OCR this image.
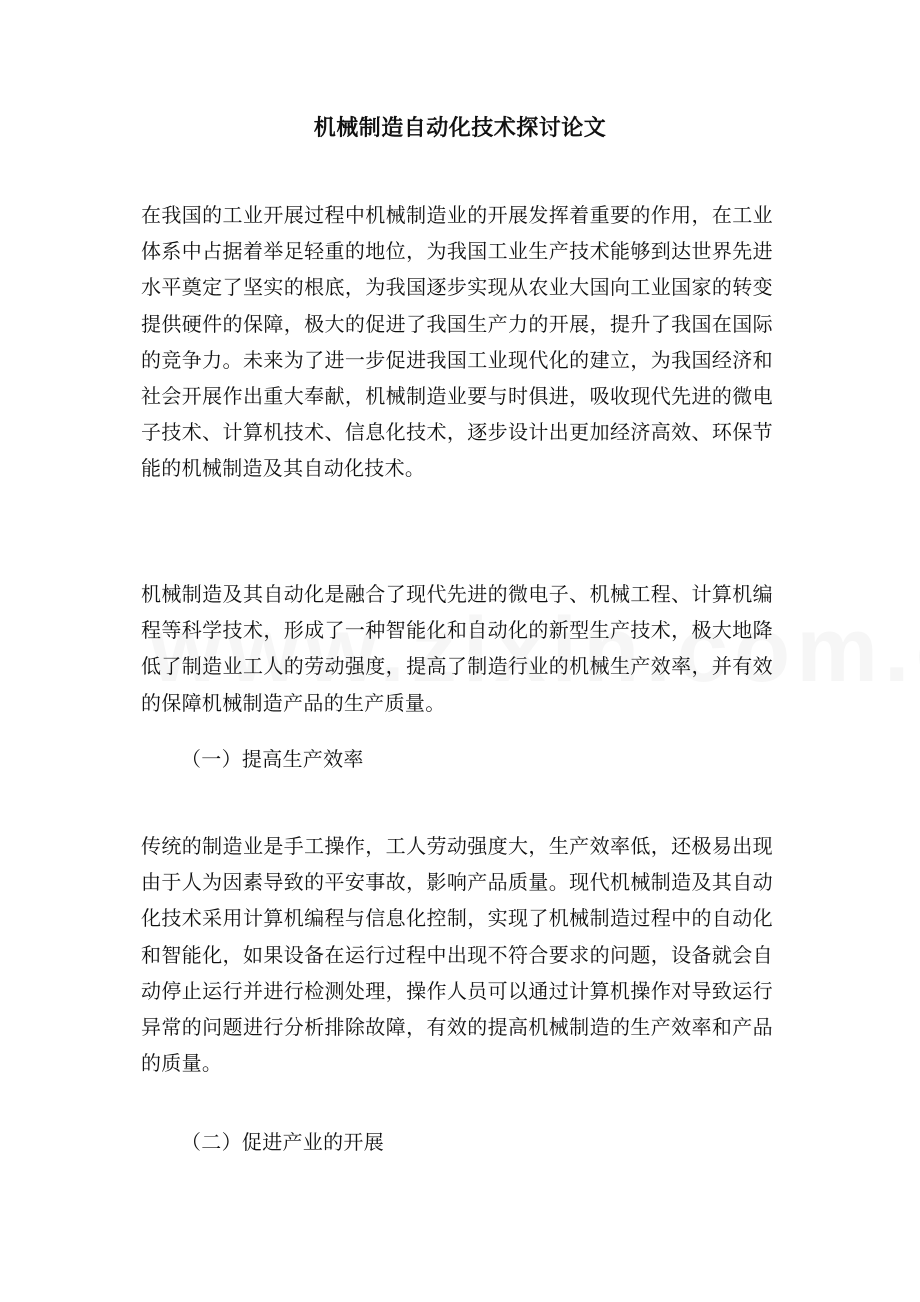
机械制造自动化技术探讨论文
在我国的工业开展过程中机械制造业的开展发挥着重要的作用，在工业体系中占据着举足轻重的地位，为我国工业生产技术能够到达世界先进水平奠定了坚实的根底，为我国逐步实现从农业大国向工业国家的转变提供硬件的保障，极大的促进了我国生产力的开展，提升了我国在国际的竞争力。未来为了进一步促进我国工业现代化的建立，为我国经济和社会开展作出重大奉献，机械制造业要与时俱进，吸收现代先进的微电子技术、计算机技术、信息化技术，逐步设计出更加经济高效、环保节能的机械制造及其自动化技术。
机械制造及其自动化是融合了现代先进的微电子、机械工程、计算机编程等科学技术，形成了一种智能化和自动化的新型生产技术，极大地降低了制造业工人的劳动强度，提高了制造行业的机械生产效率，并有效的保障机械制造产品的生产质量。
（一）提高生产效率
传统的制造业是手工操作，工人劳动强度大，生产效率低，还极易出现由于人为因素导致的平安事故，影响产品质量。现代机械制造及其自动化技术采用计算机编程与信息化控制，实现了机械制造过程中的自动化和智能化，如果设备在运行过程中出现不符合要求的问题，设备就会自动停止运行并进行检测处理，操作人员可以通过计算机操作对导致运行异常的问题进行分析排除故障，有效的提高机械制造的生产效率和产品的质量。
（二）促进产业的开展
